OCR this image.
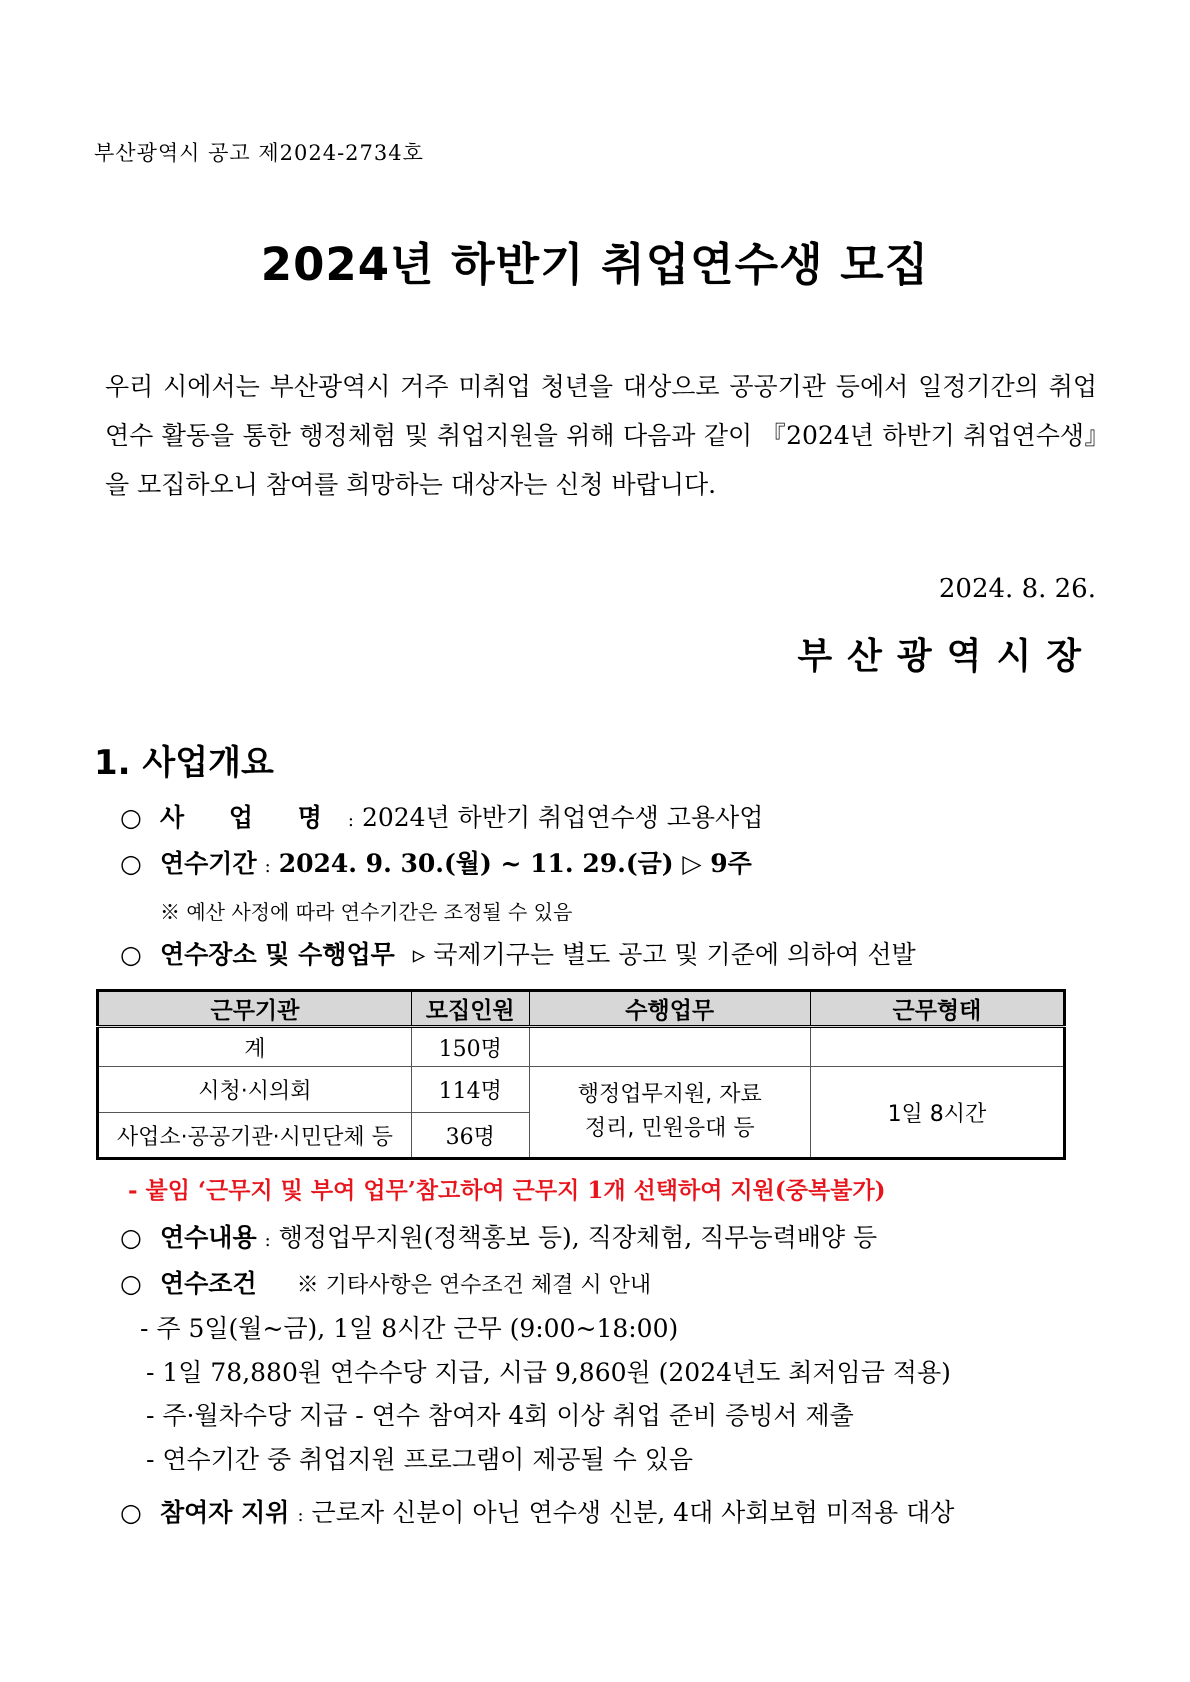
부산광역시 공고 제2024-2734호
2024년 하반기 취업연수생 모집
우리 시에서는 부산광역시 거주 미취업 청년을 대상으로 공공기관 등에서 일정기간의 취업연수 활동을 통한 행정체험 및 취업지원을 위해 다음과 같이 『2024년 하반기 취업연수생』을 모집하오니 참여를 희망하는 대상자는 신청 바랍니다.
2024. 8. 26.
부산광역시장
1. 사업개요
○ 사 업 명 : 2024년 하반기 취업연수생 고용사업
○ 연수기간 : 2024. 9. 30.(월) ~ 11. 29.(금) ▷ 9주
※ 예산 사정에 따라 연수기간은 조정될 수 있음
○ 연수장소 및 수행업무 ▹ 국제기구는 별도 공고 및 기준에 의하여 선발
근무기관	모집인원	수행업무	근무형태
계	150명		
시청·시의회	114명	행정업무지원, 자료 정리, 민원응대 등	1일 8시간
사업소·공공기관·시민단체 등	36명		
- 붙임 ‘근무지 및 부여 업무’참고하여 근무지 1개 선택하여 지원(중복불가)
○ 연수내용 : 행정업무지원(정책홍보 등), 직장체험, 직무능력배양 등
○ 연수조건 ※ 기타사항은 연수조건 체결 시 안내
- 주 5일(월~금), 1일 8시간 근무 (9:00~18:00)
- 1일 78,880원 연수수당 지급, 시급 9,860원 (2024년도 최저임금 적용)
- 주·월차수당 지급 - 연수 참여자 4회 이상 취업 준비 증빙서 제출
- 연수기간 중 취업지원 프로그램이 제공될 수 있음
○ 참여자 지위 : 근로자 신분이 아닌 연수생 신분, 4대 사회보험 미적용 대상
